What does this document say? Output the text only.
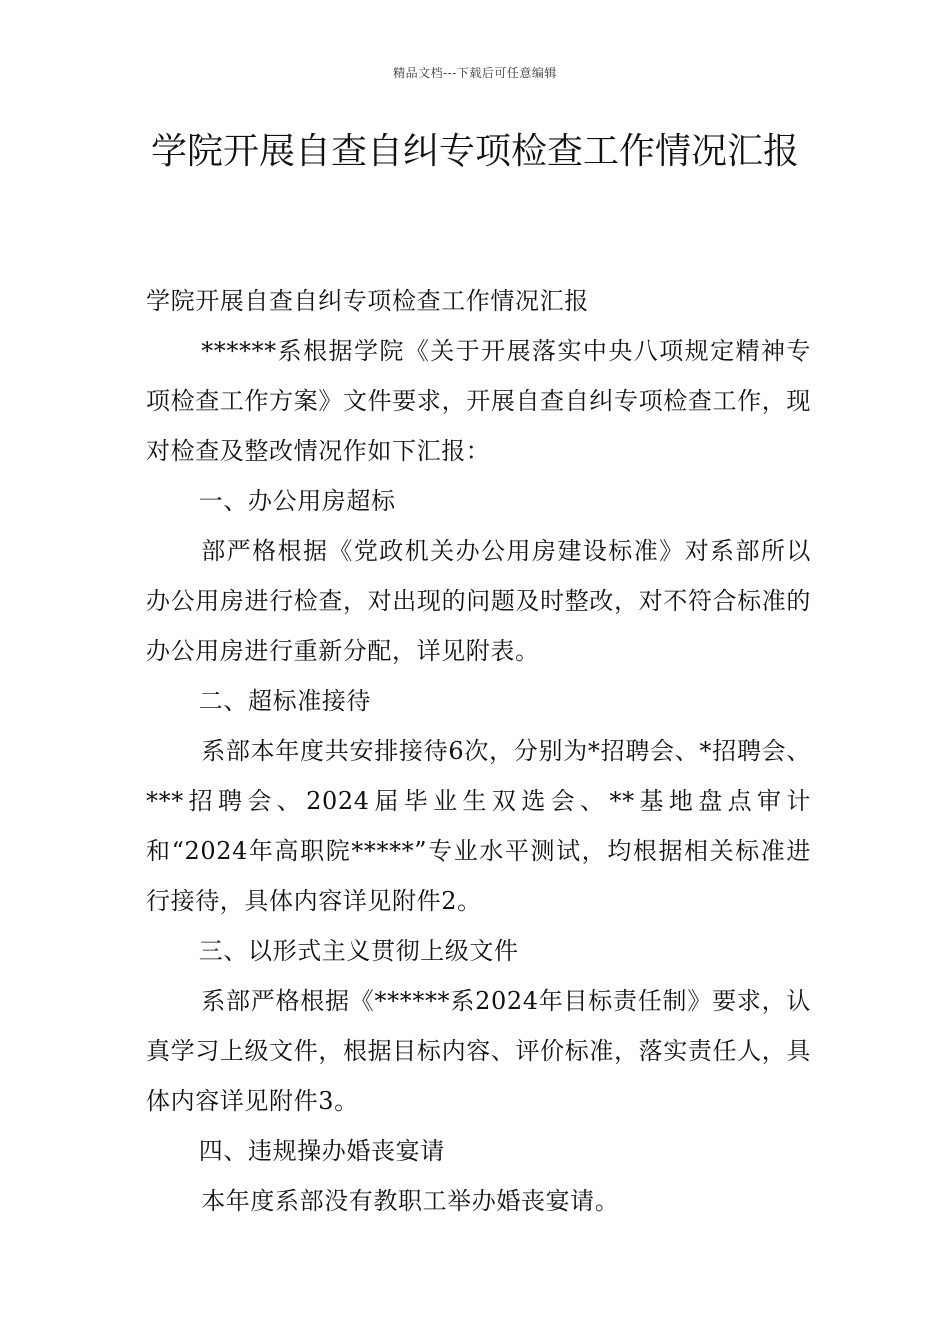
精品文档---下载后可任意编辑
学院开展自查自纠专项检查工作情况汇报

学院开展自查自纠专项检查工作情况汇报

******系根据学院《关于开展落实中央八项规定精神专项检查工作方案》文件要求，开展自查自纠专项检查工作，现对检查及整改情况作如下汇报：

一、办公用房超标

部严格根据《党政机关办公用房建设标准》对系部所以办公用房进行检查，对出现的问题及时整改，对不符合标准的办公用房进行重新分配，详见附表。

二、超标准接待

系部本年度共安排接待6次，分别为*招聘会、*招聘会、***招聘会、2024届毕业生双选会、**基地盘点审计和“2024年高职院*****”专业水平测试，均根据相关标准进行接待，具体内容详见附件2。

三、以形式主义贯彻上级文件

系部严格根据《******系2024年目标责任制》要求，认真学习上级文件，根据目标内容、评价标准，落实责任人，具体内容详见附件3。

四、违规操办婚丧宴请

本年度系部没有教职工举办婚丧宴请。
